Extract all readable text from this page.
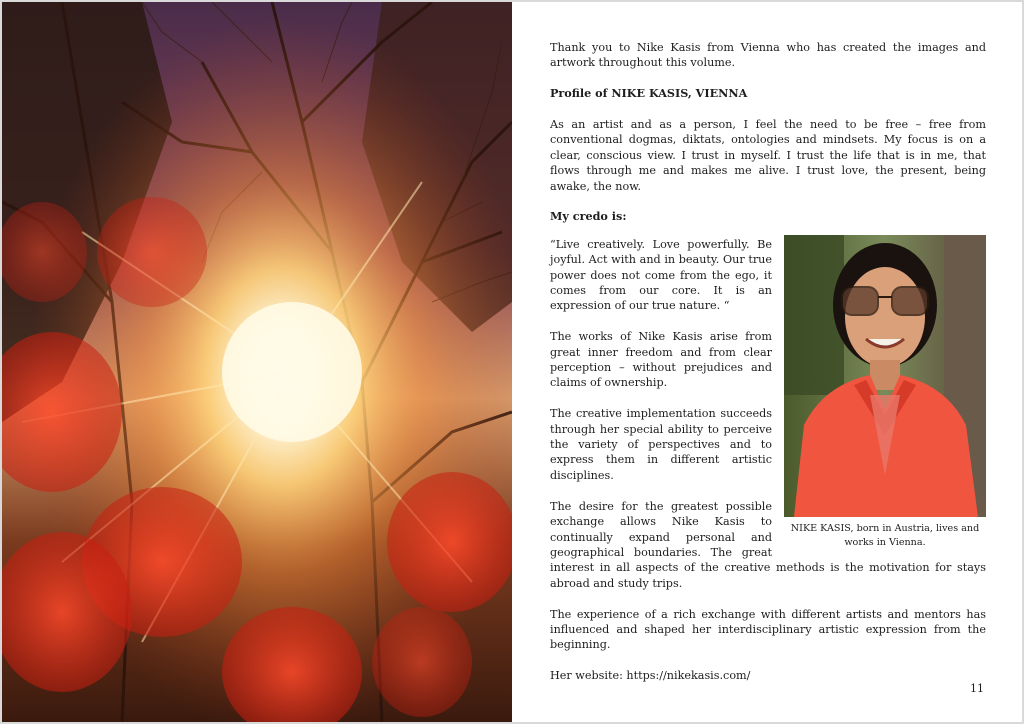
Thank you to Nike Kasis from Vienna who has created the images and artwork throughout this volume.

Profile of NIKE KASIS, VIENNA

As an artist and as a person, I feel the need to be free – free from conventional dogmas, diktats, ontologies and mindsets. My focus is on a clear, conscious view. I trust in myself. I trust the life that is in me, that flows through me and makes me alive. I trust love, the present, being awake, the now.

My credo is:

NIKE KASIS, born in Austria, lives and works in Vienna.

“Live creatively. Love powerfully. Be joyful. Act with and in beauty. Our true power does not come from the ego, it comes from our core. It is an expression of our true nature. “

The works of Nike Kasis arise from great inner freedom and from clear perception – without prejudices and claims of ownership.

The creative implementation succeeds through her special ability to perceive the variety of perspectives and to express them in different artistic disciplines.

The desire for the greatest possible exchange allows Nike Kasis to continually expand personal and geographical boundaries. The great interest in all aspects of the creative methods is the motivation for stays abroad and study trips.

The experience of a rich exchange with different artists and mentors has influenced and shaped her interdisciplinary artistic expression from the beginning.

Her website: https://nikekasis.com/

11
